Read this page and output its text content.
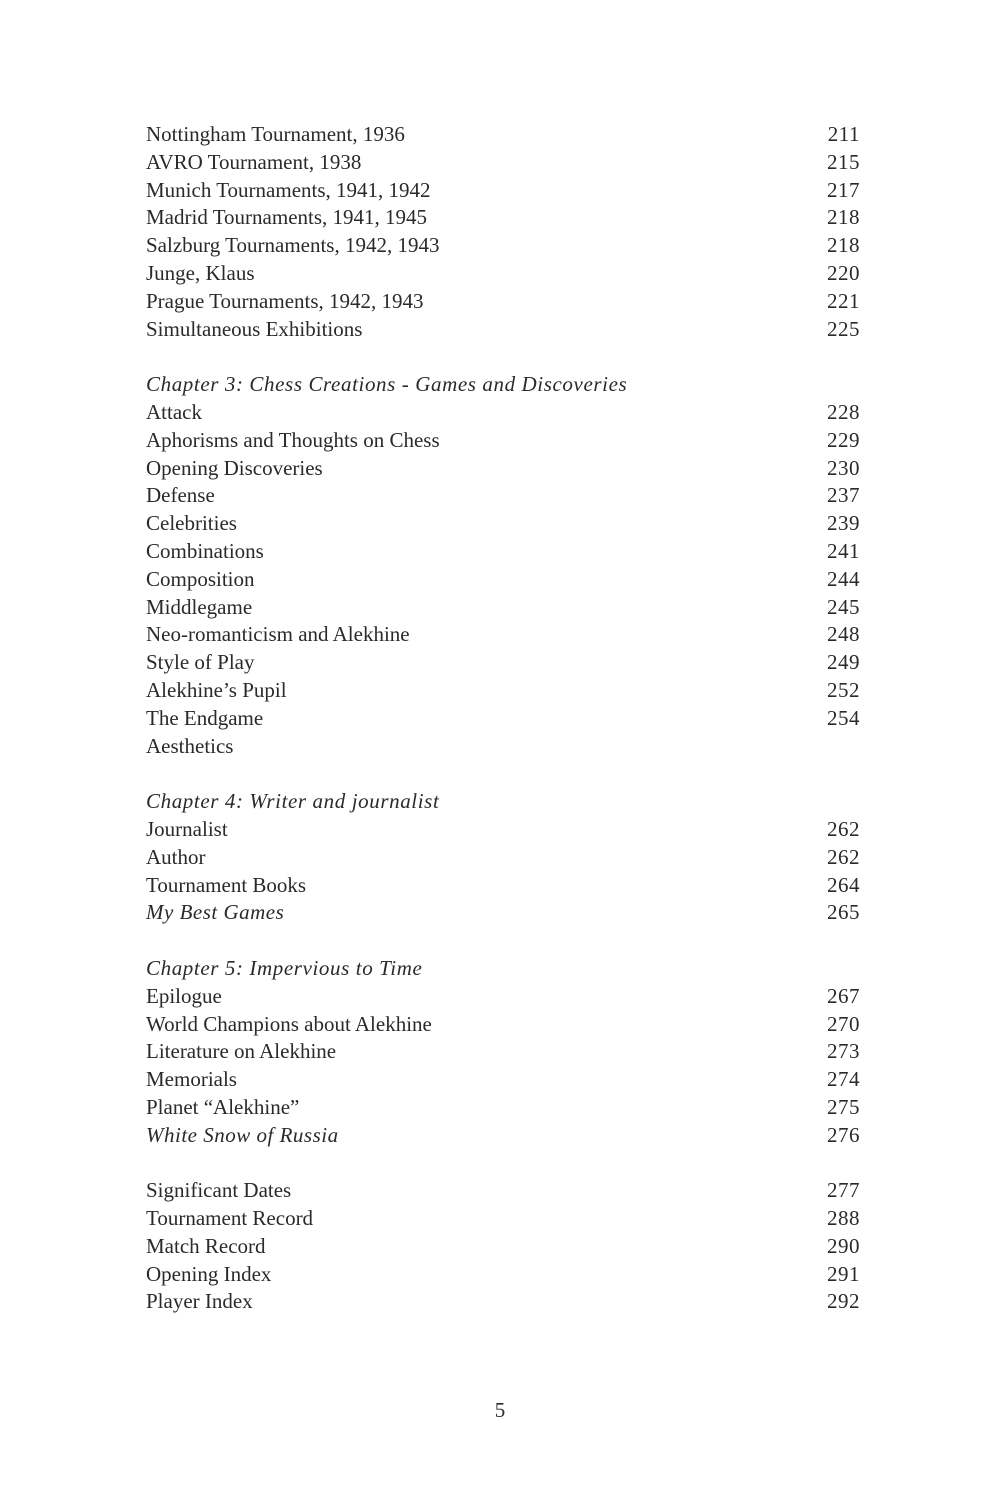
Nottingham Tournament, 1936	211
AVRO Tournament, 1938	215
Munich Tournaments, 1941, 1942	217
Madrid Tournaments, 1941, 1945	218
Salzburg Tournaments, 1942, 1943	218
Junge, Klaus	220
Prague Tournaments, 1942, 1943	221
Simultaneous Exhibitions	225
Chapter 3: Chess Creations - Games and Discoveries
Attack	228
Aphorisms and Thoughts on Chess	229
Opening Discoveries	230
Defense	237
Celebrities	239
Combinations	241
Composition	244
Middlegame	245
Neo-romanticism and Alekhine	248
Style of Play	249
Alekhine’s Pupil	252
The Endgame	254
Aesthetics
Chapter 4: Writer and journalist
Journalist	262
Author	262
Tournament Books	264
My Best Games	265
Chapter 5: Impervious to Time
Epilogue	267
World Champions about Alekhine	270
Literature on Alekhine	273
Memorials	274
Planet “Alekhine”	275
White Snow of Russia	276
Significant Dates	277
Tournament Record	288
Match Record	290
Opening Index	291
Player Index	292
5
